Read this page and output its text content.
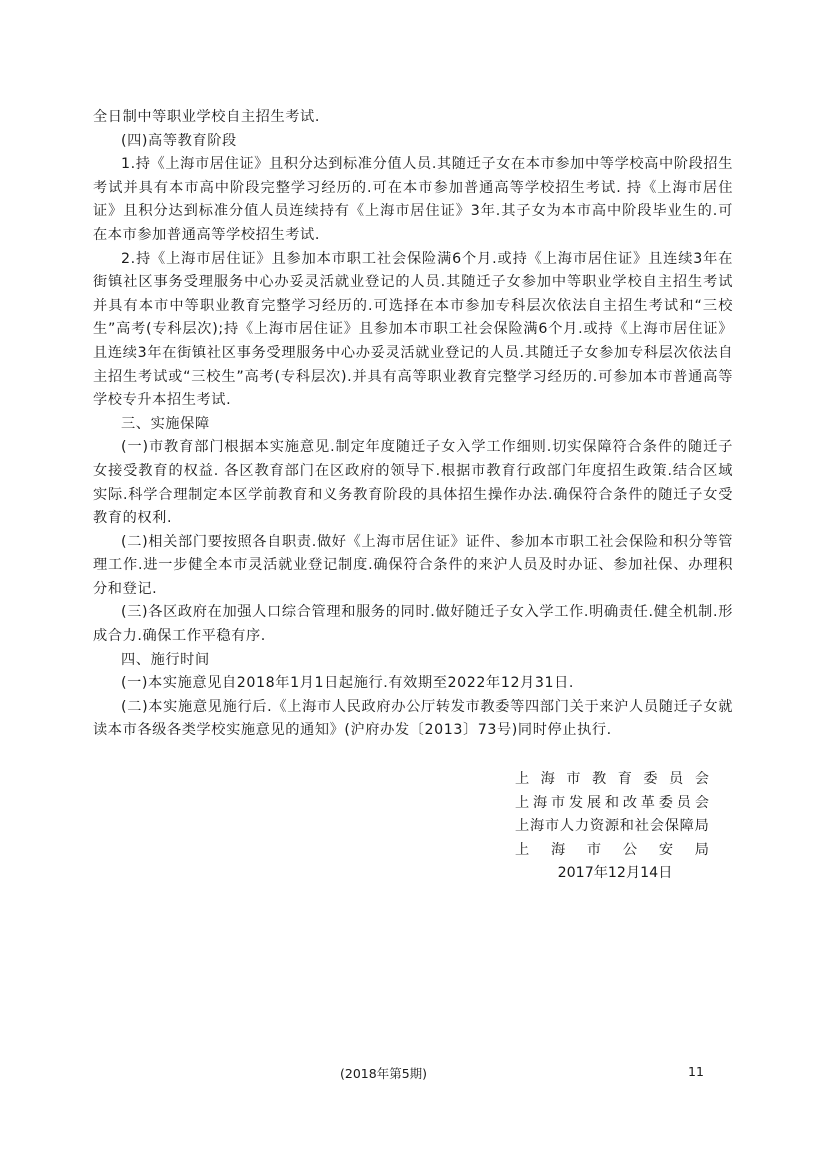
全日制中等职业学校自主招生考试.

(四)高等教育阶段

1.持《上海市居住证》且积分达到标准分值人员.其随迁子女在本市参加中等学校高中阶段招生考试并具有本市高中阶段完整学习经历的.可在本市参加普通高等学校招生考试. 持《上海市居住证》且积分达到标准分值人员连续持有《上海市居住证》3年.其子女为本市高中阶段毕业生的.可在本市参加普通高等学校招生考试.

2.持《上海市居住证》且参加本市职工社会保险满6个月.或持《上海市居住证》且连续3年在街镇社区事务受理服务中心办妥灵活就业登记的人员.其随迁子女参加中等职业学校自主招生考试并具有本市中等职业教育完整学习经历的.可选择在本市参加专科层次依法自主招生考试和“三校生”高考(专科层次);持《上海市居住证》且参加本市职工社会保险满6个月.或持《上海市居住证》且连续3年在街镇社区事务受理服务中心办妥灵活就业登记的人员.其随迁子女参加专科层次依法自主招生考试或“三校生”高考(专科层次).并具有高等职业教育完整学习经历的.可参加本市普通高等学校专升本招生考试.

三、实施保障

(一)市教育部门根据本实施意见.制定年度随迁子女入学工作细则.切实保障符合条件的随迁子女接受教育的权益. 各区教育部门在区政府的领导下.根据市教育行政部门年度招生政策.结合区域实际.科学合理制定本区学前教育和义务教育阶段的具体招生操作办法.确保符合条件的随迁子女受教育的权利.

(二)相关部门要按照各自职责.做好《上海市居住证》证件、参加本市职工社会保险和积分等管理工作.进一步健全本市灵活就业登记制度.确保符合条件的来沪人员及时办证、参加社保、办理积分和登记.

(三)各区政府在加强人口综合管理和服务的同时.做好随迁子女入学工作.明确责任.健全机制.形成合力.确保工作平稳有序.

四、施行时间

(一)本实施意见自2018年1月1日起施行.有效期至2022年12月31日.

(二)本实施意见施行后.《上海市人民政府办公厅转发市教委等四部门关于来沪人员随迁子女就读本市各级各类学校实施意见的通知》(沪府办发〔2013〕73号)同时停止执行.

上 海 市 教 育 委 员 会
上 海 市 发 展 和 改 革 委 员 会
上 海 市 人 力 资 源 和 社 会 保 障 局
上 海 市 公 安 局
2017年12月14日
(2018年第5期)	11
